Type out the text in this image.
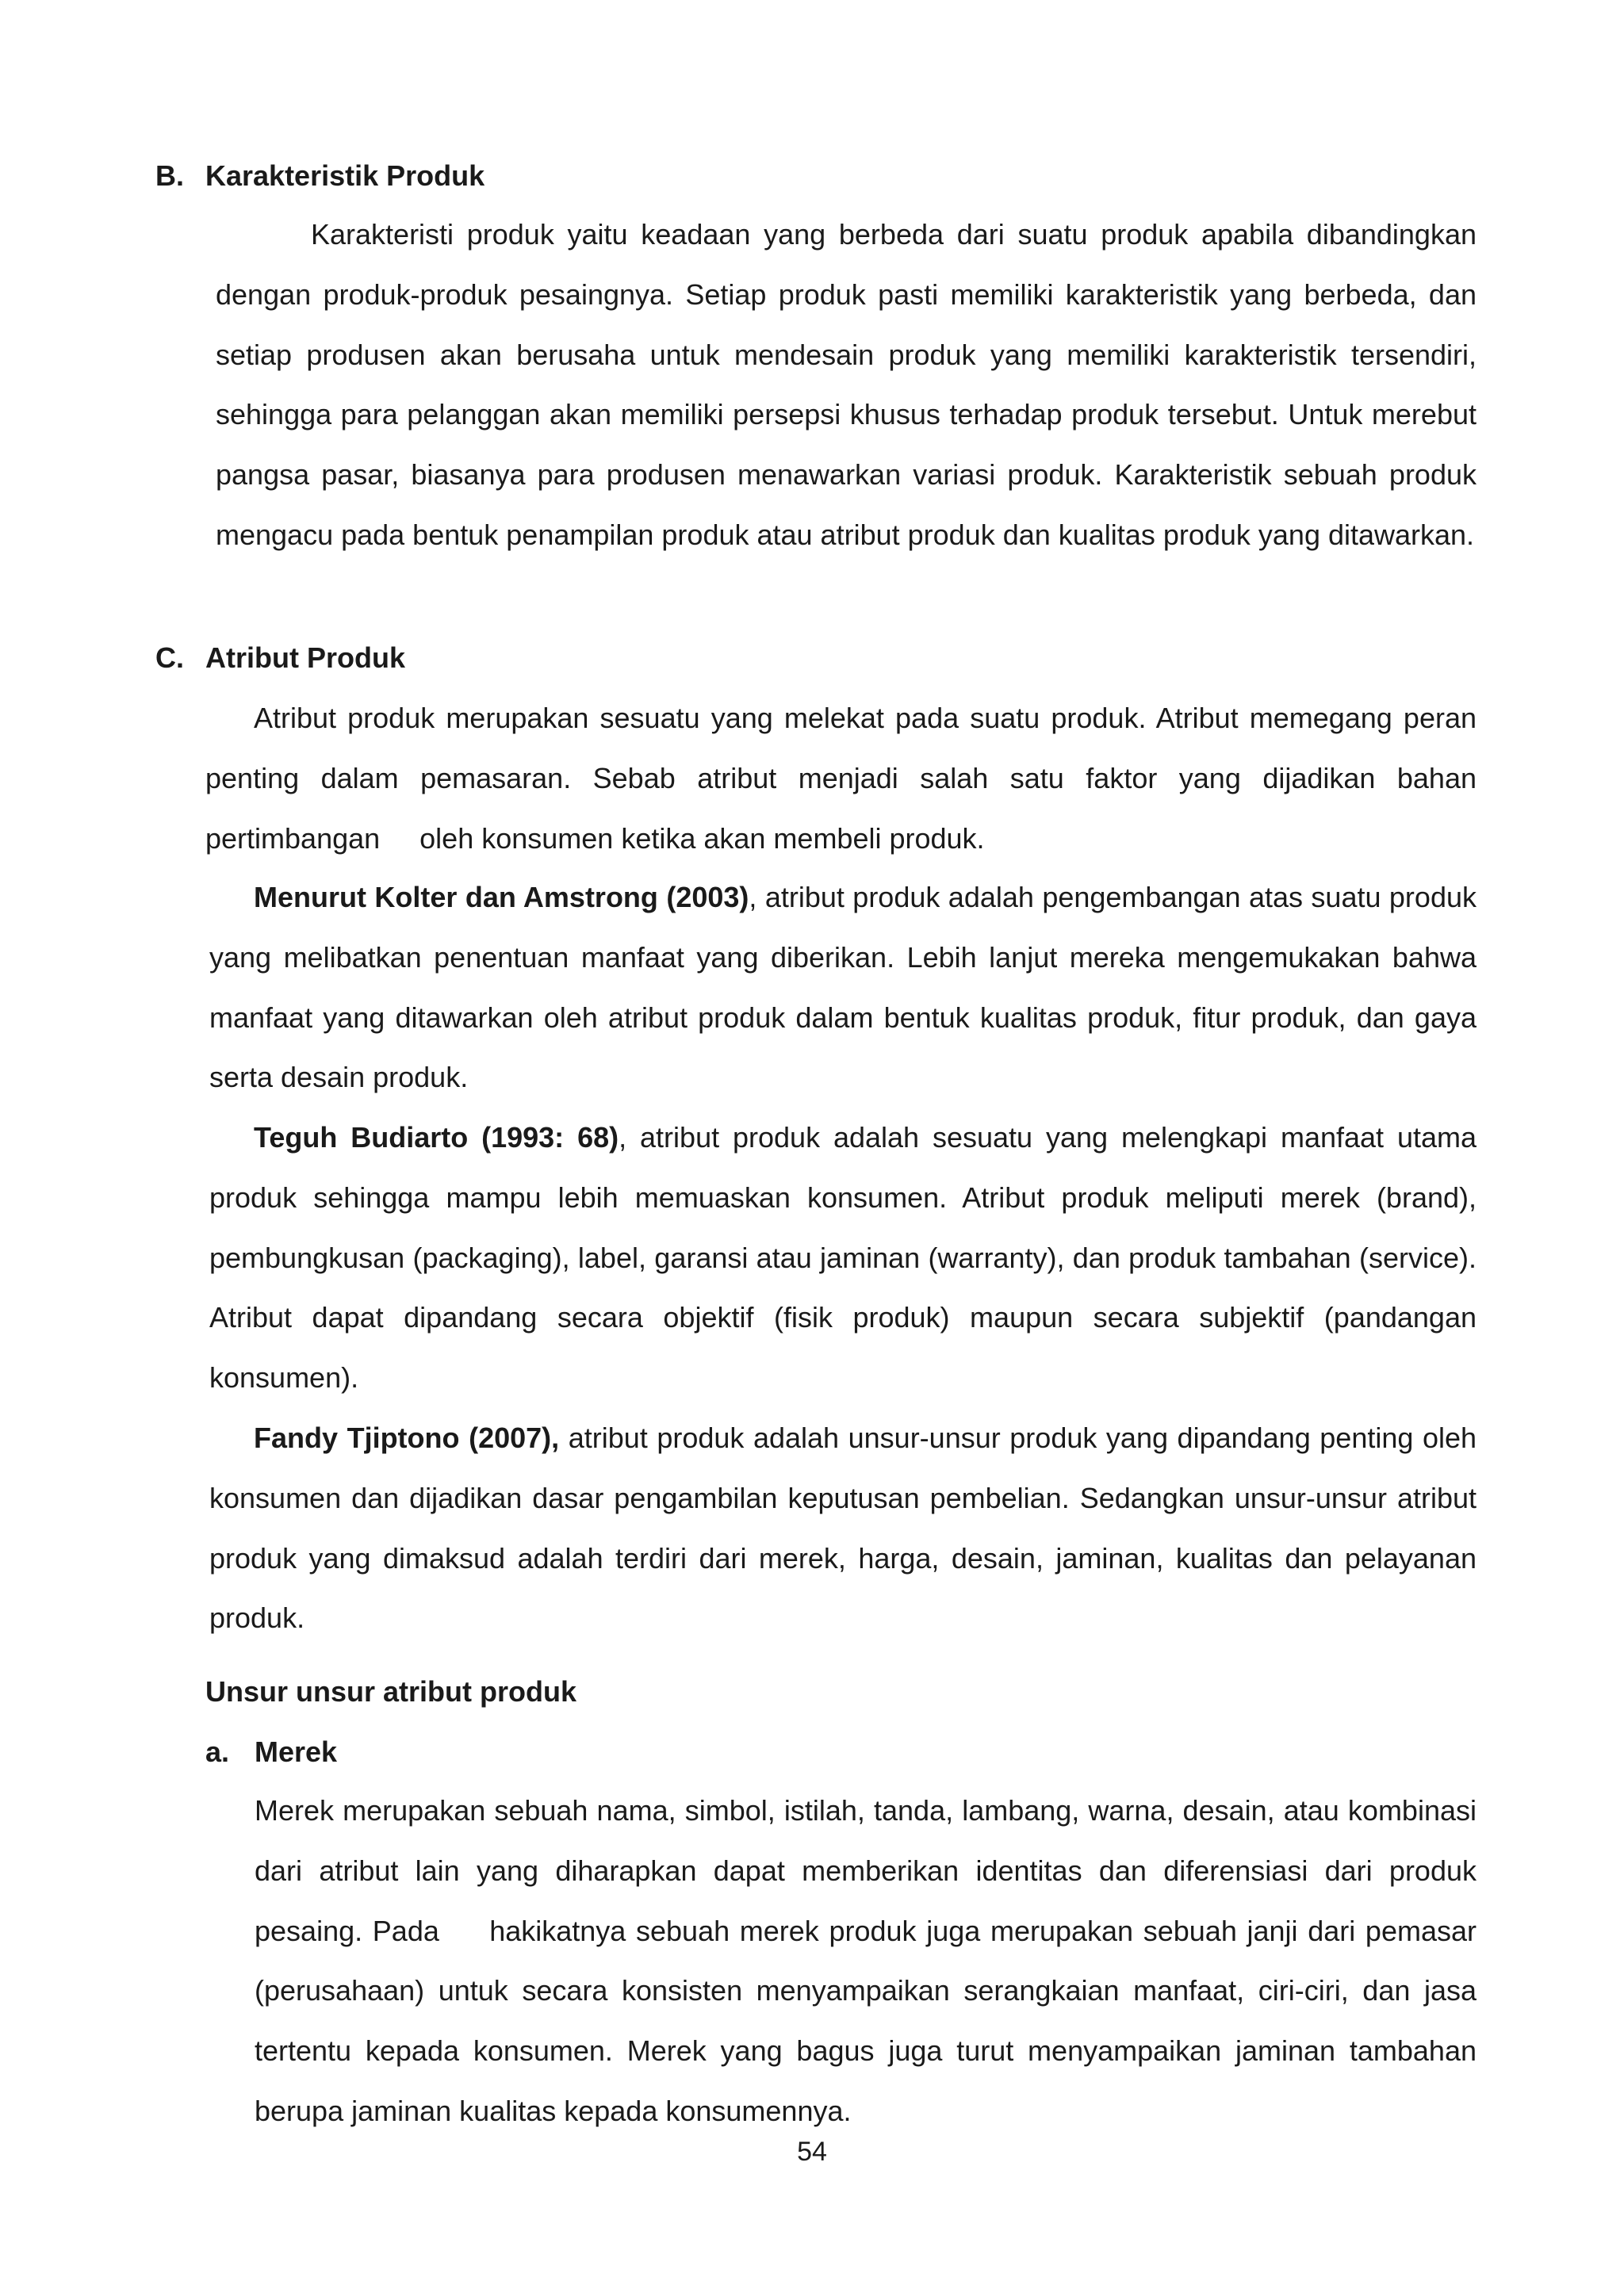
B. Karakteristik Produk

Karakteristi produk yaitu keadaan yang berbeda dari suatu produk apabila dibandingkan dengan produk-produk pesaingnya. Setiap produk pasti memiliki karakteristik yang berbeda, dan setiap produsen akan berusaha untuk mendesain produk yang memiliki karakteristik tersendiri, sehingga para pelanggan akan memiliki persepsi khusus terhadap produk tersebut. Untuk merebut pangsa pasar, biasanya para produsen menawarkan variasi produk. Karakteristik sebuah produk mengacu pada bentuk penampilan produk atau atribut produk dan kualitas produk yang ditawarkan.

C. Atribut Produk

Atribut produk merupakan sesuatu yang melekat pada suatu produk. Atribut memegang peran penting dalam pemasaran. Sebab atribut menjadi salah satu faktor yang dijadikan bahan pertimbangan     oleh konsumen ketika akan membeli produk.

Menurut Kolter dan Amstrong (2003), atribut produk adalah pengembangan atas suatu produk yang melibatkan penentuan manfaat yang diberikan. Lebih lanjut mereka mengemukakan bahwa manfaat yang ditawarkan oleh atribut produk dalam bentuk kualitas produk, fitur produk, dan gaya serta desain produk.

Teguh Budiarto (1993: 68), atribut produk adalah sesuatu yang melengkapi manfaat utama produk sehingga mampu lebih memuaskan konsumen. Atribut produk meliputi merek (brand), pembungkusan (packaging), label, garansi atau jaminan (warranty), dan produk tambahan (service). Atribut dapat dipandang secara objektif (fisik produk) maupun secara subjektif (pandangan konsumen).

Fandy Tjiptono (2007), atribut produk adalah unsur-unsur produk yang dipandang penting oleh konsumen dan dijadikan dasar pengambilan keputusan pembelian. Sedangkan unsur-unsur atribut produk yang dimaksud adalah terdiri dari merek, harga, desain, jaminan, kualitas dan pelayanan produk.

Unsur unsur atribut produk
a. Merek

Merek merupakan sebuah nama, simbol, istilah, tanda, lambang, warna, desain, atau kombinasi dari atribut lain yang diharapkan dapat memberikan identitas dan diferensiasi dari produk pesaing. Pada     hakikatnya sebuah merek produk juga merupakan sebuah janji dari pemasar (perusahaan) untuk secara konsisten menyampaikan serangkaian manfaat, ciri-ciri, dan jasa tertentu kepada konsumen. Merek yang bagus juga turut menyampaikan jaminan tambahan berupa jaminan kualitas kepada konsumennya.

54
